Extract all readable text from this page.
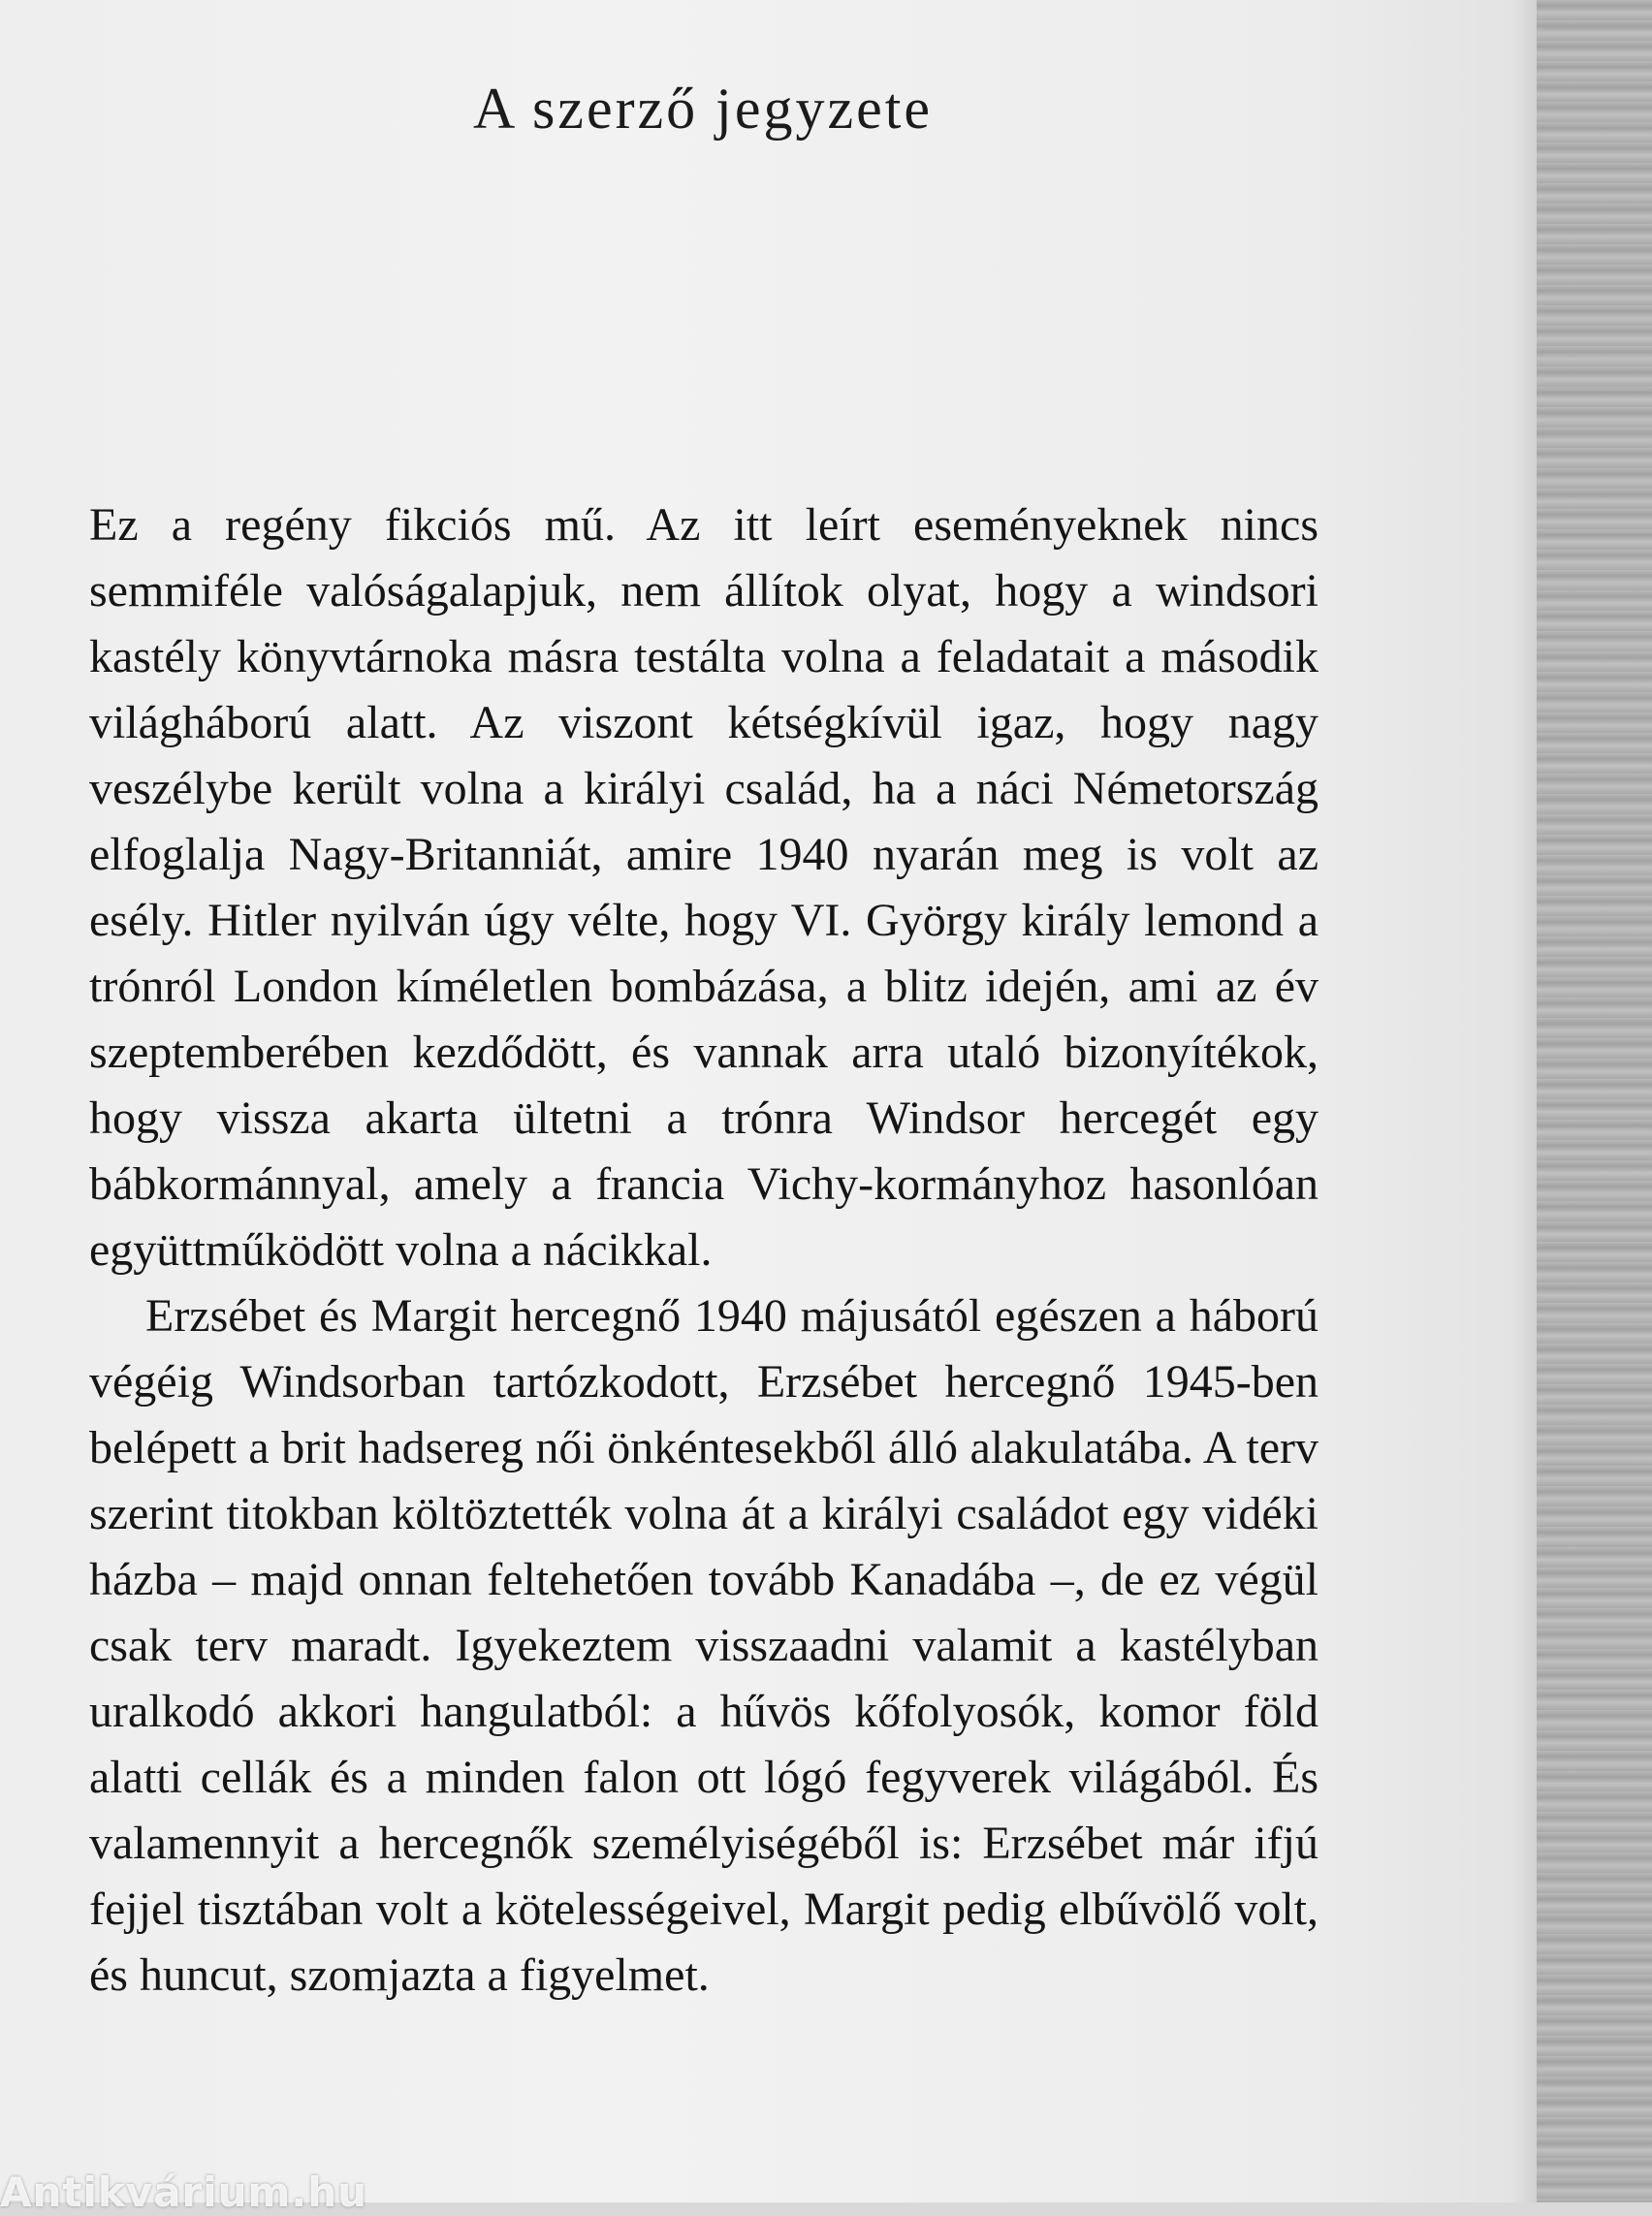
A szerző jegyzete

Ez a regény fikciós mű. Az itt leírt eseményeknek nincs semmiféle valóságalapjuk, nem állítok olyat, hogy a windsori kastély könyvtárnoka másra testálta volna a feladatait a második világháború alatt. Az viszont kétségkívül igaz, hogy nagy veszélybe került volna a királyi család, ha a náci Németország elfoglalja Nagy-Britanniát, amire 1940 nyarán meg is volt az esély. Hitler nyilván úgy vélte, hogy VI. György király lemond a trónról London kíméletlen bombázása, a blitz idején, ami az év szeptemberében kezdődött, és vannak arra utaló bizonyítékok, hogy vissza akarta ültetni a trónra Windsor hercegét egy bábkormánnyal, amely a francia Vichy-kormányhoz hasonlóan együttműködött volna a nácikkal.

Erzsébet és Margit hercegnő 1940 májusától egészen a háború végéig Windsorban tartózkodott, Erzsébet hercegnő 1945-ben belépett a brit hadsereg női önkéntesekből álló alakulatába. A terv szerint titokban költöztették volna át a királyi családot egy vidéki házba – majd onnan feltehetően tovább Kanadába –, de ez végül csak terv maradt. Igyekeztem visszaadni valamit a kastélyban uralkodó akkori hangulatból: a hűvös kőfolyosók, komor föld alatti cellák és a minden falon ott lógó fegyverek világából. És valamennyit a hercegnők személyiségéből is: Erzsébet már ifjú fejjel tisztában volt a kötelességeivel, Margit pedig elbűvölő volt, és huncut, szomjazta a figyelmet.

Antikvárium.hu
